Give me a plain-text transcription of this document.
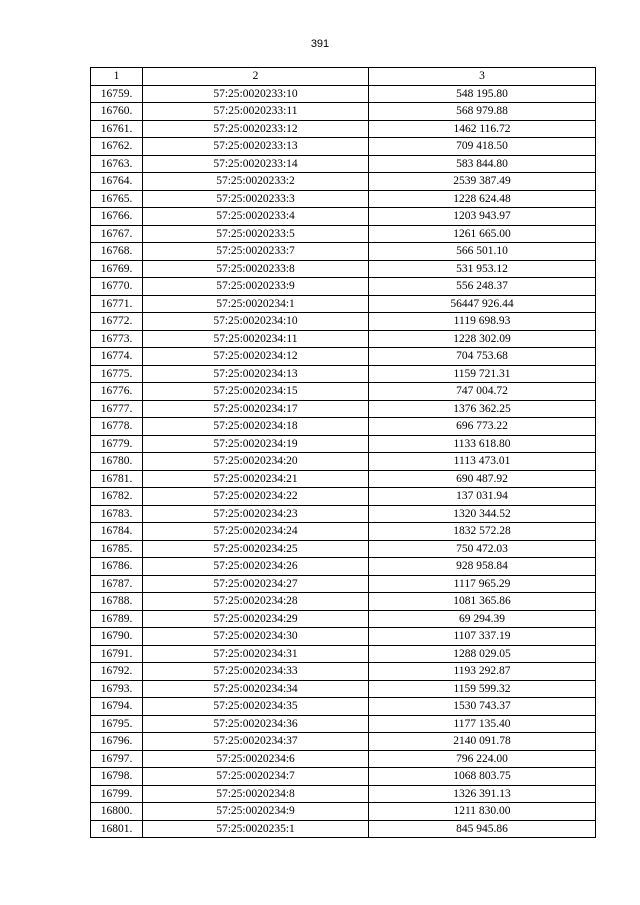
391
1	2	3
16759.	57:25:0020233:10	548 195.80
16760.	57:25:0020233:11	568 979.88
16761.	57:25:0020233:12	1462 116.72
16762.	57:25:0020233:13	709 418.50
16763.	57:25:0020233:14	583 844.80
16764.	57:25:0020233:2	2539 387.49
16765.	57:25:0020233:3	1228 624.48
16766.	57:25:0020233:4	1203 943.97
16767.	57:25:0020233:5	1261 665.00
16768.	57:25:0020233:7	566 501.10
16769.	57:25:0020233:8	531 953.12
16770.	57:25:0020233:9	556 248.37
16771.	57:25:0020234:1	56447 926.44
16772.	57:25:0020234:10	1119 698.93
16773.	57:25:0020234:11	1228 302.09
16774.	57:25:0020234:12	704 753.68
16775.	57:25:0020234:13	1159 721.31
16776.	57:25:0020234:15	747 004.72
16777.	57:25:0020234:17	1376 362.25
16778.	57:25:0020234:18	696 773.22
16779.	57:25:0020234:19	1133 618.80
16780.	57:25:0020234:20	1113 473.01
16781.	57:25:0020234:21	690 487.92
16782.	57:25:0020234:22	137 031.94
16783.	57:25:0020234:23	1320 344.52
16784.	57:25:0020234:24	1832 572.28
16785.	57:25:0020234:25	750 472.03
16786.	57:25:0020234:26	928 958.84
16787.	57:25:0020234:27	1117 965.29
16788.	57:25:0020234:28	1081 365.86
16789.	57:25:0020234:29	69 294.39
16790.	57:25:0020234:30	1107 337.19
16791.	57:25:0020234:31	1288 029.05
16792.	57:25:0020234:33	1193 292.87
16793.	57:25:0020234:34	1159 599.32
16794.	57:25:0020234:35	1530 743.37
16795.	57:25:0020234:36	1177 135.40
16796.	57:25:0020234:37	2140 091.78
16797.	57:25:0020234:6	796 224.00
16798.	57:25:0020234:7	1068 803.75
16799.	57:25:0020234:8	1326 391.13
16800.	57:25:0020234:9	1211 830.00
16801.	57:25:0020235:1	845 945.86
